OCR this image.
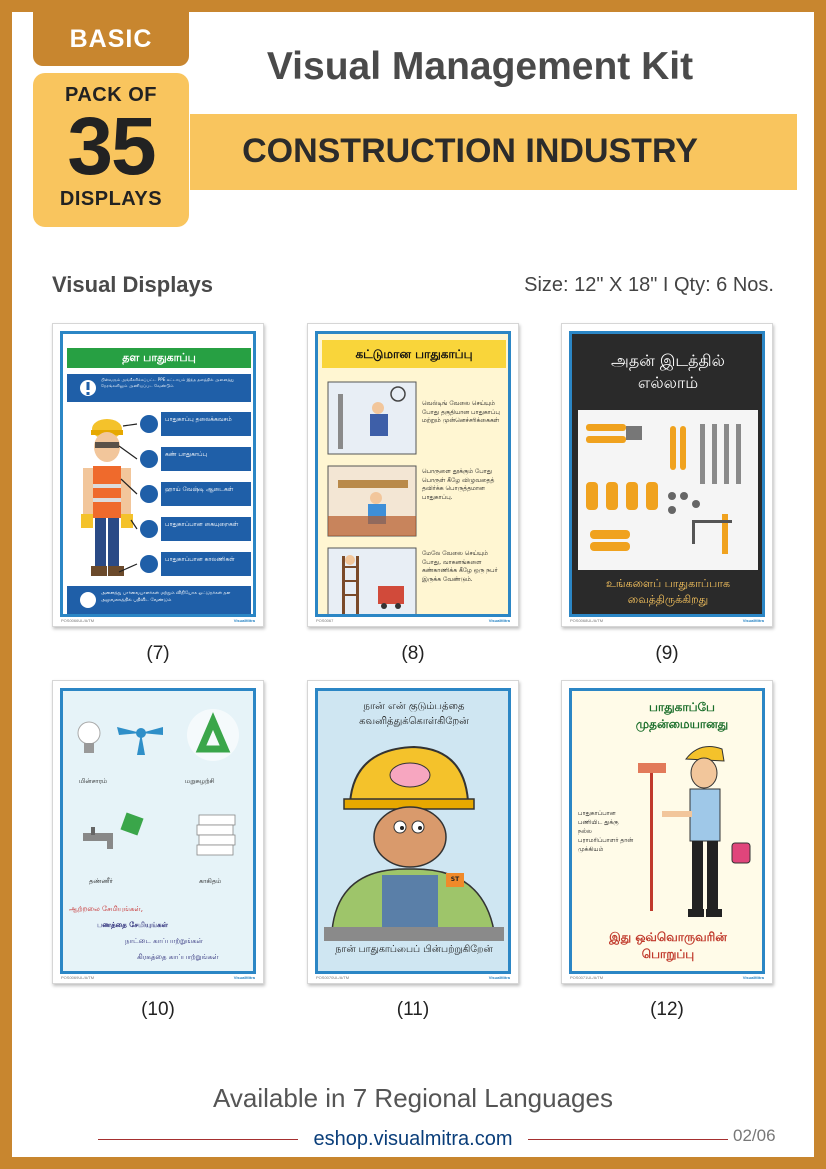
BASIC
PACK OF
35
DISPLAYS
Visual Management Kit
CONSTRUCTION INDUSTRY
Visual Displays	Size: 12" X 18" I Qty: 6 Nos.
தள பாதுகாப்பு
பின்வரும் அங்கீகரிக்கப்பட்ட PPE கட்டாயம் இந்த தளத்தில் அனைத்து நேரங்களிலும் அணியப்பட வேண்டும்
பாதுகாப்பு தலைக்கவசம்
கண் பாதுகாப்பு
ஹாய் வேஷ்டி ஆடைகள்
பாதுகாப்பான கையுறைகள்
பாதுகாப்பான காலணிகள்
அனைத்து பார்வையாளர்கள் மற்றும் விநியோக ஓட்டுநர்கள் தள அலுவலகத்தில் பதிவிட வேண்டும்
POS0066UL/A/TM	VisualMitra
கட்டுமான பாதுகாப்பு
வெல்டிங் வேலை செய்யும் போது தகுதியான பாதுகாப்பு மற்றும் முன்னெச்சரிக்கைகள்
பொருளை தூக்கும் போது பொருள் கீழே விழுவதைத் தவிர்க்க பொருத்தமான பாதுகாப்பு.
மேலே வேலை செய்யும் போது, வாகனங்களை கண்காணிக்க கீழே ஒரு நபர் இருக்க வேண்டும்.
POS0067	VisualMitra
அதன் இடத்தில் எல்லாம்
உங்களைப் பாதுகாப்பாக வைத்திருக்கிறது
POS0068UL/A/TM	VisualMitra
(7)	(8)	(9)
மின்சாரம்	மறுசுழற்சி
தண்ணீர்	காகிதம்
ஆற்றலை சேமியுங்கள்,
பணத்தை சேமியுங்கள்
நாட்டை காப்பாற்றுங்கள்
கிரகத்தை காப்பாற்றுங்கள்
POS0069UL/A/TM	VisualMitra
நான் என் குடும்பத்தை கவனித்துக்கொள்கிறேன்
ST
நான் பாதுகாப்பைப் பின்பற்றுகிறேன்
POS0070UL/A/TM	VisualMitra
பாதுகாப்பே முதன்மையானது
பாதுகாப்பான பணியிட துக்கு நல்ல பராமரிப்பாளர் தான் முக்கியம்
இது ஒவ்வொருவரின் பொறுப்பு
POS0071UL/A/TM	VisualMitra
(10)	(11)	(12)
Available in 7 Regional Languages
eshop.visualmitra.com	02/06
